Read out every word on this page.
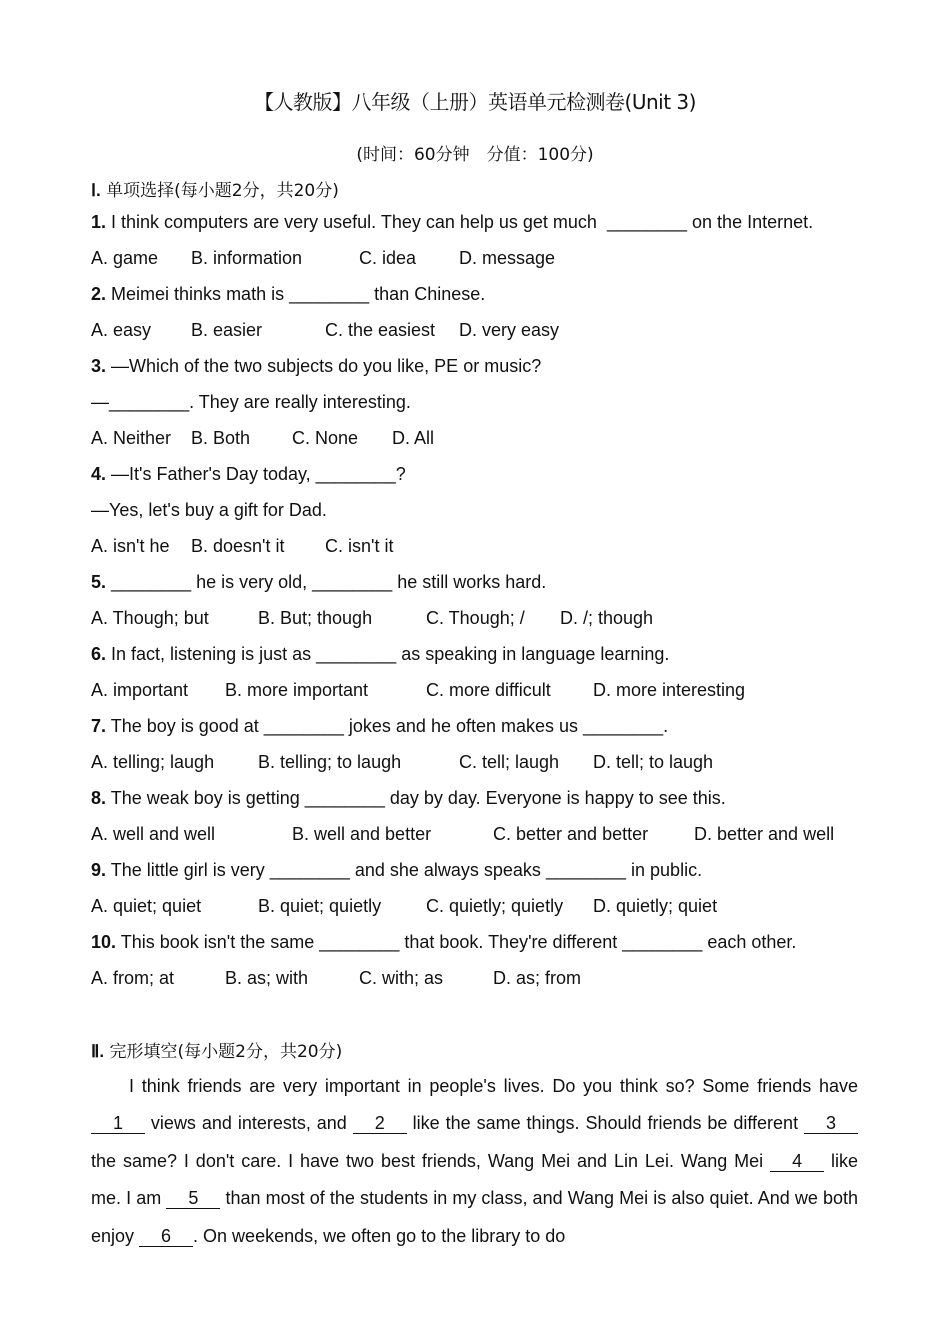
【人教版】八年级（上册）英语单元检测卷(Unit 3)
(时间：60分钟　分值：100分)
Ⅰ. 单项选择(每小题2分，共20分)
1. I think computers are very useful. They can help us get much  ________ on the Internet.
A. game B. information	C. idea D. message
2. Meimei thinks math is ________ than Chinese.
A. easy B. easier	C. the easiest D. very easy
3. —Which of the two subjects do you like, PE or music?
—________. They are really interesting.
A. Neither B. Both C. None D. All
4. —It's Father's Day today, ________?
—Yes, let's buy a gift for Dad.
A. isn't he B. doesn't it C. isn't it
5. ________ he is very old, ________ he still works hard.
A. Though; but	B. But; though	C. Though; / D. /; though
6. In fact, listening is just as ________ as speaking in language learning.
A. important B. more important	C. more difficult D. more interesting
7. The boy is good at ________ jokes and he often makes us ________.
A. telling; laugh B. telling; to laugh	C. tell; laugh D. tell; to laugh
8. The weak boy is getting ________ day by day. Everyone is happy to see this.
A. well and well	B. well and better	C. better and better	D. better and well
9. The little girl is very ________ and she always speaks ________ in public.
A. quiet; quiet	B. quiet; quietly C. quietly; quietly D. quietly; quiet
10. This book isn't the same ________ that book. They're different ________ each other.
A. from; at	B. as; with	C. with; as	D. as; from
Ⅱ. 完形填空(每小题2分，共20分)
I think friends are very important in people's lives. Do you think so? Some friends have 1 views and interests, and 2 like the same things. Should friends be different 3 the same? I don't care. I have two best friends, Wang Mei and Lin Lei. Wang Mei 4 like me. I am 5 than most of the students in my class, and Wang Mei is also quiet. And we both enjoy 6 . On weekends, we often go to the library to do
